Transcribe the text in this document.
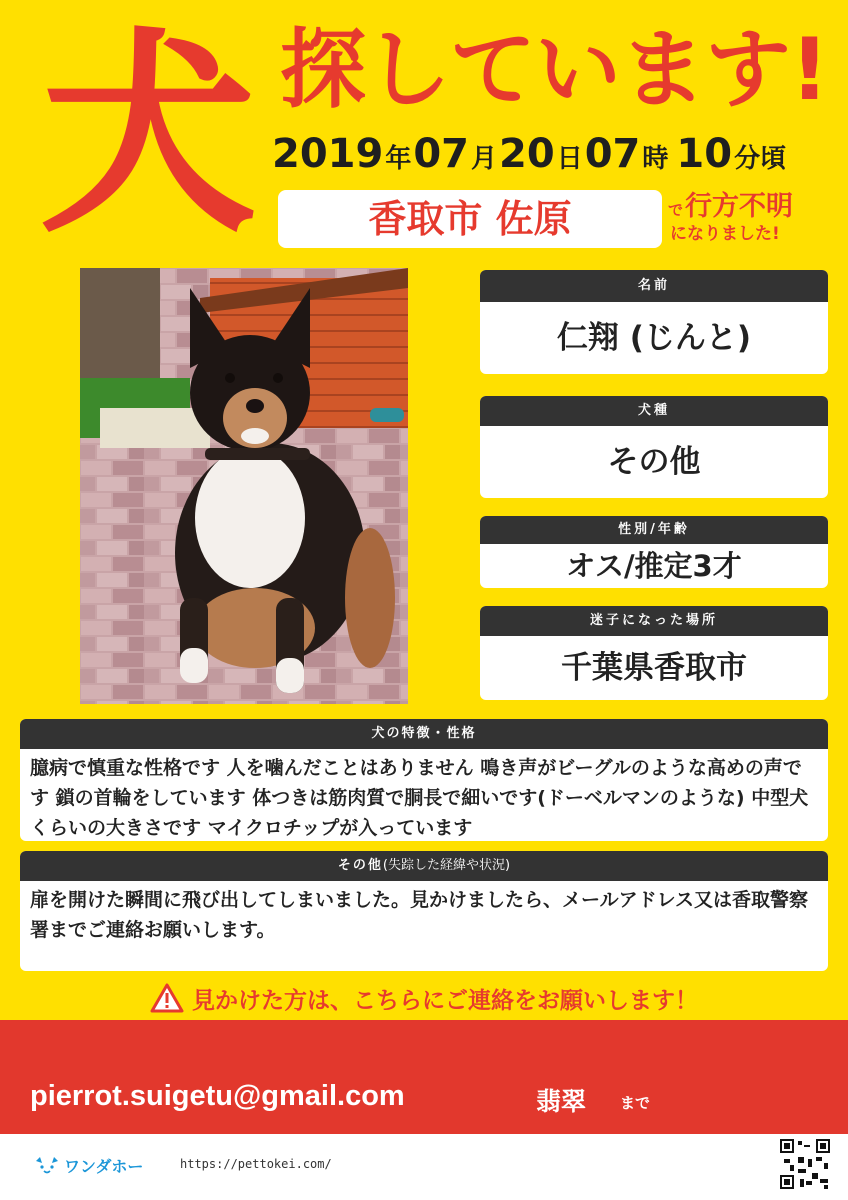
犬 探しています!
2019 年 07 月 20 日 07 時 10 分頃
香取市 佐原	で 行方不明
になりました!
名前
仁翔 (じんと)
犬種
その他
性別/年齢
オス/推定3才
迷子になった場所
千葉県香取市
犬の特徴・性格
臆病で慎重な性格です 人を噛んだことはありません 鳴き声がビーグルのような高めの声です 鎖の首輪をしています 体つきは筋肉質で胴長で細いです(ドーベルマンのような) 中型犬くらいの大きさです マイクロチップが入っています
その他(失踪した経緯や状況)
扉を開けた瞬間に飛び出してしまいました。見かけましたら、メールアドレス又は香取警察署までご連絡お願いします。
見かけた方は、こちらにご連絡をお願いします！
pierrot.suigetu@gmail.com	翡翠 まで
ワンダホー	https://pettokei.com/
